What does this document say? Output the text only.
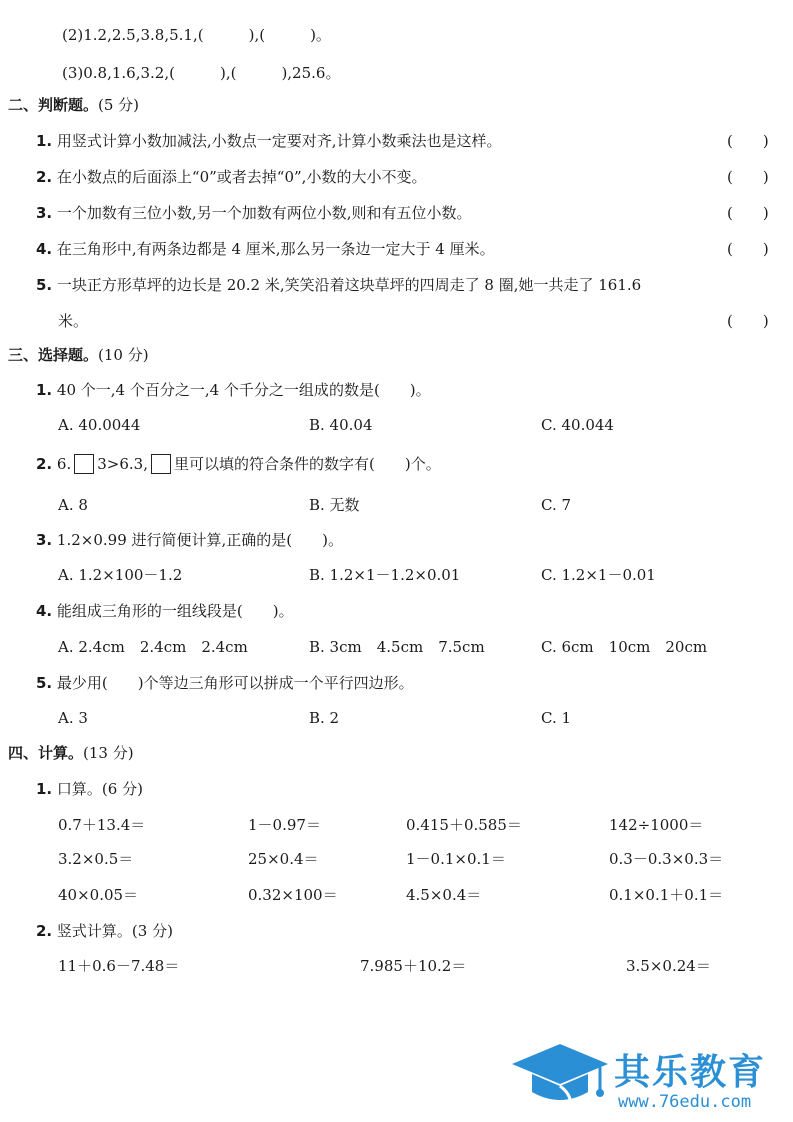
(2)1.2,2.5,3.8,5.1,(　　　),(　　　)。
(3)0.8,1.6,3.2,(　　　),(　　　),25.6。
二、判断题。(5 分)
1. 用竖式计算小数加减法,小数点一定要对齐,计算小数乘法也是这样。	(　　)
2. 在小数点的后面添上“0”或者去掉“0”,小数的大小不变。	(　　)
3. 一个加数有三位小数,另一个加数有两位小数,则和有五位小数。	(　　)
4. 在三角形中,有两条边都是 4 厘米,那么另一条边一定大于 4 厘米。	(　　)
5. 一块正方形草坪的边长是 20.2 米,笑笑沿着这块草坪的四周走了 8 圈,她一共走了 161.6
米。	(　　)
三、选择题。(10 分)
1. 40 个一,4 个百分之一,4 个千分之一组成的数是(　　)。
A. 40.0044	B. 40.04	C. 40.044
2. 6. 3>6.3, 里可以填的符合条件的数字有(　　)个。
A. 8	B. 无数	C. 7
3. 1.2×0.99 进行简便计算,正确的是(　　)。
A. 1.2×100－1.2	B. 1.2×1－1.2×0.01	C. 1.2×1－0.01
4. 能组成三角形的一组线段是(　　)。
A. 2.4cm　2.4cm　2.4cm	B. 3cm　4.5cm　7.5cm	C. 6cm　10cm　20cm
5. 最少用(　　)个等边三角形可以拼成一个平行四边形。
A. 3	B. 2	C. 1
四、计算。(13 分)
1. 口算。(6 分)
0.7＋13.4＝	1－0.97＝	0.415＋0.585＝	142÷1000＝
3.2×0.5＝	25×0.4＝	1－0.1×0.1＝	0.3－0.3×0.3＝
40×0.05＝	0.32×100＝	4.5×0.4＝	0.1×0.1＋0.1＝
2. 竖式计算。(3 分)
11＋0.6－7.48＝	7.985＋10.2＝	3.5×0.24＝
其乐教育
www.76edu.com
